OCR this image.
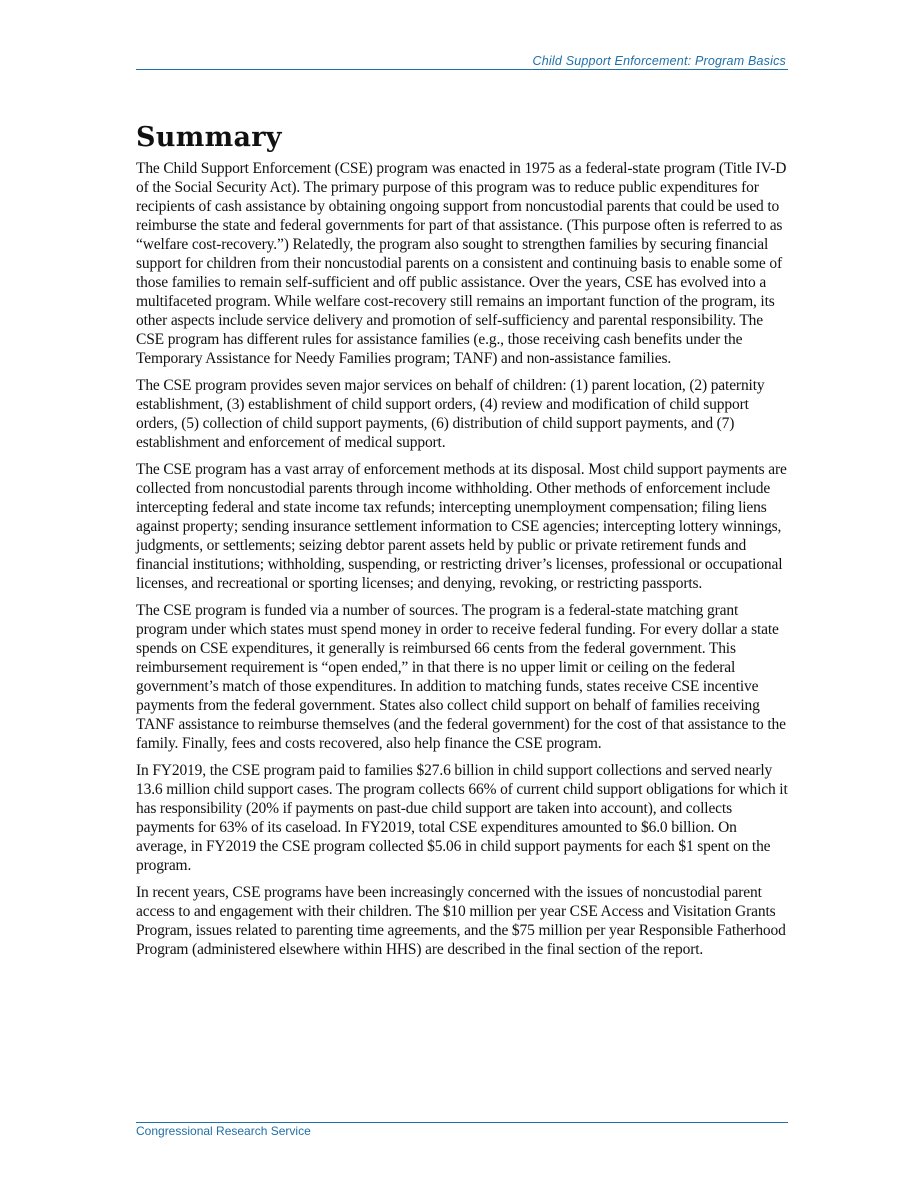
Child Support Enforcement: Program Basics
Summary

The Child Support Enforcement (CSE) program was enacted in 1975 as a federal-state program (Title IV-D of the Social Security Act). The primary purpose of this program was to reduce public expenditures for recipients of cash assistance by obtaining ongoing support from noncustodial parents that could be used to reimburse the state and federal governments for part of that assistance. (This purpose often is referred to as “welfare cost-recovery.”) Relatedly, the program also sought to strengthen families by securing financial support for children from their noncustodial parents on a consistent and continuing basis to enable some of those families to remain self-sufficient and off public assistance. Over the years, CSE has evolved into a multifaceted program. While welfare cost-recovery still remains an important function of the program, its other aspects include service delivery and promotion of self-sufficiency and parental responsibility. The CSE program has different rules for assistance families (e.g., those receiving cash benefits under the Temporary Assistance for Needy Families program; TANF) and non-assistance families.

The CSE program provides seven major services on behalf of children: (1) parent location, (2) paternity establishment, (3) establishment of child support orders, (4) review and modification of child support orders, (5) collection of child support payments, (6) distribution of child support payments, and (7) establishment and enforcement of medical support.

The CSE program has a vast array of enforcement methods at its disposal. Most child support payments are collected from noncustodial parents through income withholding. Other methods of enforcement include intercepting federal and state income tax refunds; intercepting unemployment compensation; filing liens against property; sending insurance settlement information to CSE agencies; intercepting lottery winnings, judgments, or settlements; seizing debtor parent assets held by public or private retirement funds and financial institutions; withholding, suspending, or restricting driver’s licenses, professional or occupational licenses, and recreational or sporting licenses; and denying, revoking, or restricting passports.

The CSE program is funded via a number of sources. The program is a federal-state matching grant program under which states must spend money in order to receive federal funding. For every dollar a state spends on CSE expenditures, it generally is reimbursed 66 cents from the federal government. This reimbursement requirement is “open ended,” in that there is no upper limit or ceiling on the federal government’s match of those expenditures. In addition to matching funds, states receive CSE incentive payments from the federal government. States also collect child support on behalf of families receiving TANF assistance to reimburse themselves (and the federal government) for the cost of that assistance to the family. Finally, fees and costs recovered, also help finance the CSE program.

In FY2019, the CSE program paid to families $27.6 billion in child support collections and served nearly 13.6 million child support cases. The program collects 66% of current child support obligations for which it has responsibility (20% if payments on past-due child support are taken into account), and collects payments for 63% of its caseload. In FY2019, total CSE expenditures amounted to $6.0 billion. On average, in FY2019 the CSE program collected $5.06 in child support payments for each $1 spent on the program.

In recent years, CSE programs have been increasingly concerned with the issues of noncustodial parent access to and engagement with their children. The $10 million per year CSE Access and Visitation Grants Program, issues related to parenting time agreements, and the $75 million per year Responsible Fatherhood Program (administered elsewhere within HHS) are described in the final section of the report.

Congressional Research Service
